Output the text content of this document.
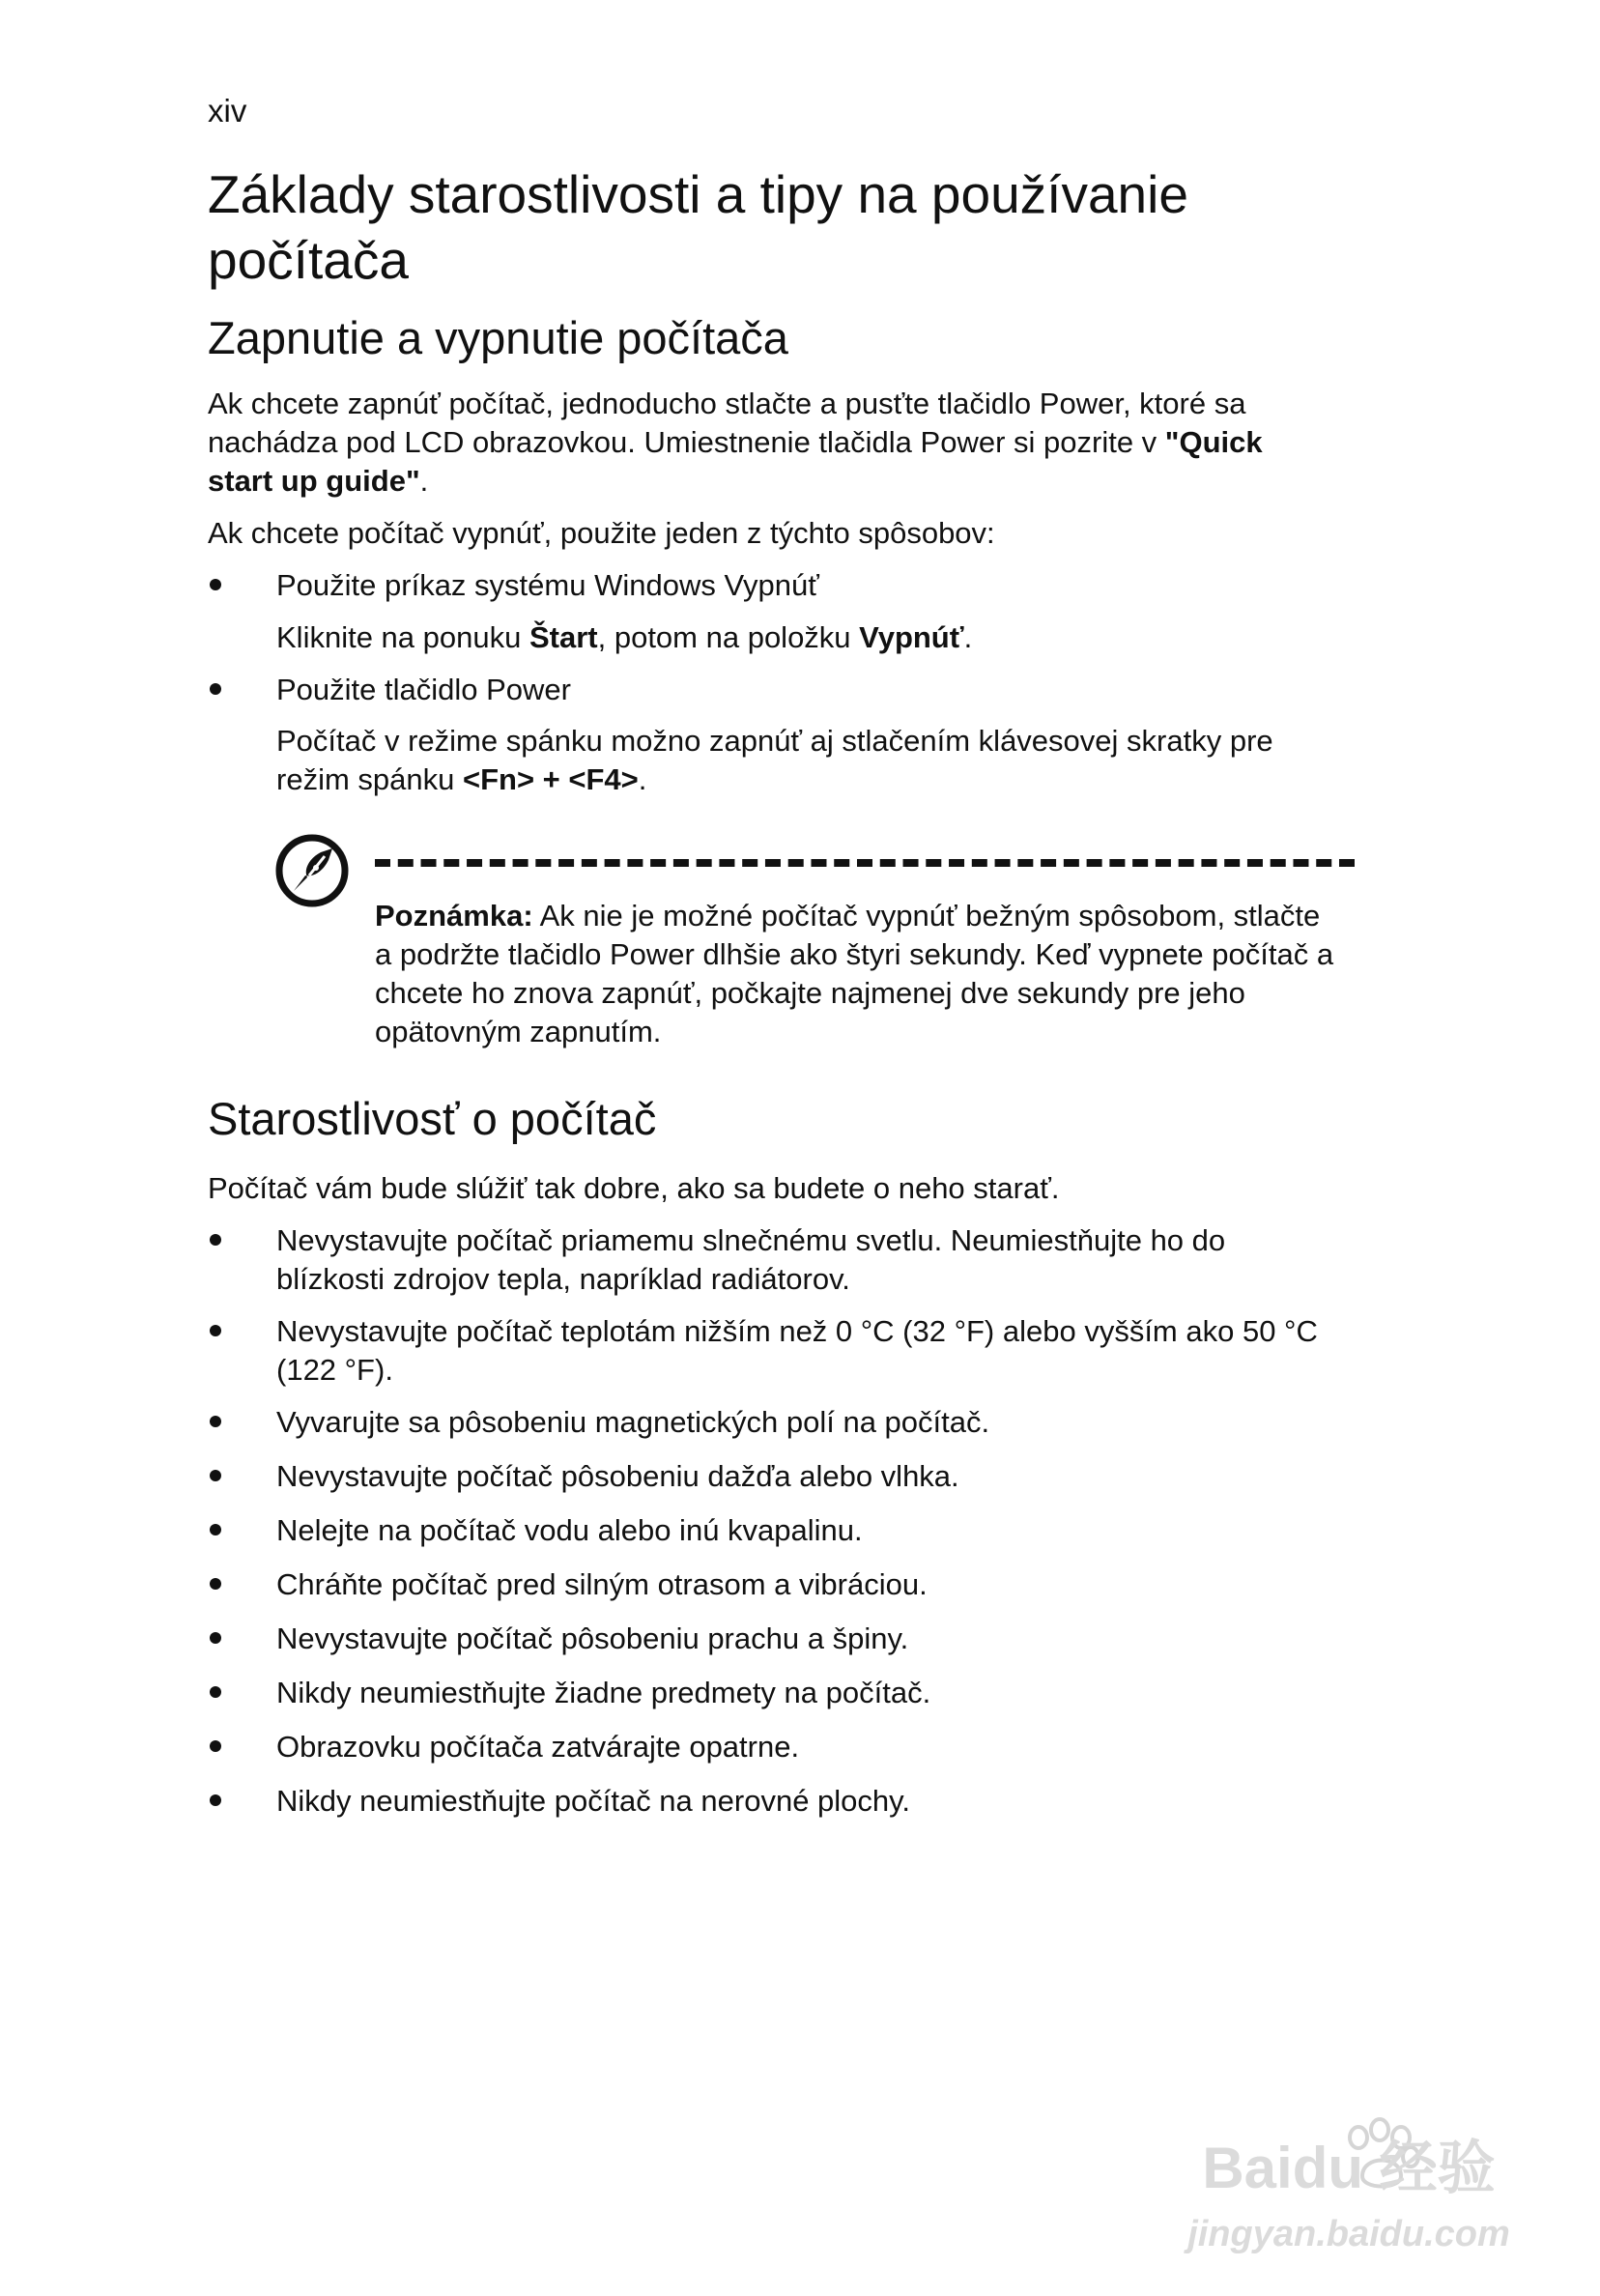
xiv
Základy starostlivosti a tipy na používanie počítača
Zapnutie a vypnutie počítača
Ak chcete zapnúť počítač, jednoducho stlačte a pusťte tlačidlo Power, ktoré sa nachádza pod LCD obrazovkou. Umiestnenie tlačidla Power si pozrite v "Quick start up guide".
Ak chcete počítač vypnúť, použite jeden z týchto spôsobov:
Použite príkaz systému Windows Vypnúť
Kliknite na ponuku Štart, potom na položku Vypnúť.
Použite tlačidlo Power
Počítač v režime spánku možno zapnúť aj stlačením klávesovej skratky pre režim spánku <Fn> + <F4>.
Poznámka: Ak nie je možné počítač vypnúť bežným spôsobom, stlačte a podržte tlačidlo Power dlhšie ako štyri sekundy. Keď vypnete počítač a chcete ho znova zapnúť, počkajte najmenej dve sekundy pre jeho opätovným zapnutím.
Starostlivosť o počítač
Počítač vám bude slúžiť tak dobre, ako sa budete o neho starať.
Nevystavujte počítač priamemu slnečnému svetlu. Neumiestňujte ho do blízkosti zdrojov tepla, napríklad radiátorov.
Nevystavujte počítač teplotám nižším než 0 °C (32 °F) alebo vyšším ako 50 °C (122 °F).
Vyvarujte sa pôsobeniu magnetických polí na počítač.
Nevystavujte počítač pôsobeniu dažďa alebo vlhka.
Nelejte na počítač vodu alebo inú kvapalinu.
Chráňte počítač pred silným otrasom a vibráciou.
Nevystavujte počítač pôsobeniu prachu a špiny.
Nikdy neumiestňujte žiadne predmety na počítač.
Obrazovku počítača zatvárajte opatrne.
Nikdy neumiestňujte počítač na nerovné plochy.
Baidu 经验
jingyan.baidu.com
